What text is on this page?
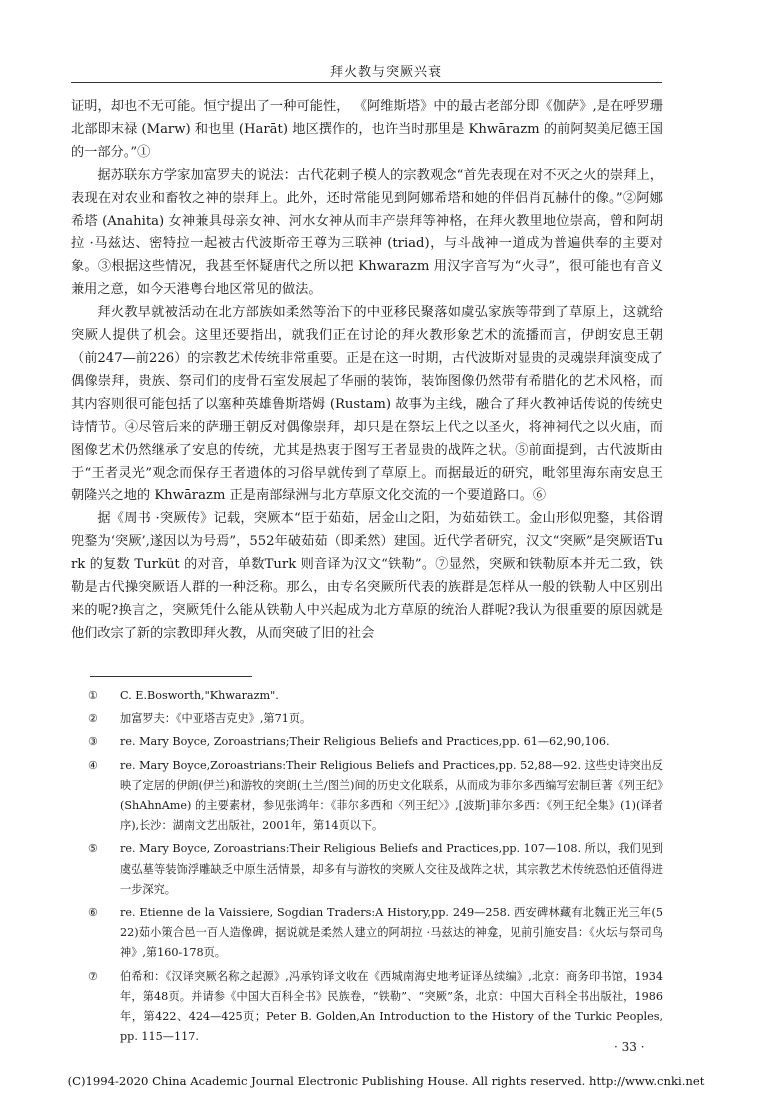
拜火教与突厥兴衰

证明，却也不无可能。恒宁提出了一种可能性， 《阿维斯塔》中的最古老部分即《伽萨》,是在呼罗珊北部即末禄 (Marw) 和也里 (Harāt) 地区撰作的，也许当时那里是 Khwārazm 的前阿契美尼德王国的一部分。”①

据苏联东方学家加富罗夫的说法：古代花剌子模人的宗教观念“首先表现在对不灭之火的崇拜上，表现在对农业和畜牧之神的崇拜上。此外，还时常能见到阿娜希塔和她的伴侣肖瓦赫什的像。”②阿娜希塔 (Anahita) 女神兼具母亲女神、河水女神从而丰产崇拜等神格，在拜火教里地位崇高，曾和阿胡拉 ·马兹达、密特拉一起被古代波斯帝王尊为三联神 (triad)，与斗战神一道成为普遍供奉的主要对象。③根据这些情况，我甚至怀疑唐代之所以把 Khwarazm 用汉字音写为“火寻”，很可能也有音义兼用之意，如今天港粤台地区常见的做法。

拜火教早就被活动在北方部族如柔然等治下的中亚移民聚落如虞弘家族等带到了草原上，这就给突厥人提供了机会。这里还要指出，就我们正在讨论的拜火教形象艺术的流播而言，伊朗安息王朝（前247—前226）的宗教艺术传统非常重要。正是在这一时期，古代波斯对显贵的灵魂崇拜演变成了偶像崇拜，贵族、祭司们的庋骨石室发展起了华丽的装饰，装饰图像仍然带有希腊化的艺术风格，而其内容则很可能包括了以塞种英雄鲁斯塔姆 (Rustam) 故事为主线，融合了拜火教神话传说的传统史诗情节。④尽管后来的萨珊王朝反对偶像崇拜，却只是在祭坛上代之以圣火，将神祠代之以火庙，而图像艺术仍然继承了安息的传统，尤其是热衷于图写王者显贵的战阵之状。⑤前面提到，古代波斯由于“王者灵光”观念而保存王者遗体的习俗早就传到了草原上。而据最近的研究，毗邻里海东南安息王朝隆兴之地的 Khwārazm 正是南部绿洲与北方草原文化交流的一个要道路口。⑥

据《周书 ·突厥传》记载，突厥本“臣于茹茹，居金山之阳，为茹茹铁工。金山形似兜鍪，其俗谓兜鍪为‘突厥’,遂因以为号焉”，552年破茹茹（即柔然）建国。近代学者研究，汉文“突厥”是突厥语Turk 的复数 Turküt 的对音，单数Turk 则音译为汉文“铁勒”。⑦显然，突厥和铁勒原本并无二致，铁勒是古代操突厥语人群的一种泛称。那么，由专名突厥所代表的族群是怎样从一般的铁勒人中区别出来的呢?换言之，突厥凭什么能从铁勒人中兴起成为北方草原的统治人群呢?我认为很重要的原因就是他们改宗了新的宗教即拜火教，从而突破了旧的社会

①	C. E.Bosworth,"Khwarazm".
②	加富罗夫：《中亚塔吉克史》,第71页。
③	re. Mary Boyce, Zoroastrians;Their Religious Beliefs and Practices,pp. 61—62,90,106.
④	re. Mary Boyce,Zoroastrians:Their Religious Beliefs and Practices,pp. 52,88—92. 这些史诗突出反映了定居的伊朗(伊兰)和游牧的突朗(土兰/图兰)间的历史文化联系，从而成为菲尔多西编写宏制巨著《列王纪》(ShAhnAme) 的主要素材，参见张鸿年：《菲尔多西和〈列王纪〉》,[波斯]菲尔多西：《列王纪全集》(1)(译者序),长沙：湖南文艺出版社，2001年，第14页以下。
⑤	re. Mary Boyce, Zoroastrians:Their Religious Beliefs and Practices,pp. 107—108. 所以，我们见到虞弘墓等装饰浮雕缺乏中原生活情景，却多有与游牧的突厥人交往及战阵之状，其宗教艺术传统恐怕还值得进一步深究。
⑥	re. Etienne de la Vaissiere, Sogdian Traders:A History,pp. 249—258. 西安碑林藏有北魏正光三年(522)茹小策合邑一百人造像碑，据说就是柔然人建立的阿胡拉 ·马兹达的神龛，见前引施安昌：《火坛与祭司鸟神》,第160-178页。
⑦	伯希和：《汉译突厥名称之起源》,冯承钧译文收在《西城南海史地考证译丛续编》,北京：商务印书馆，1934年，第48页。并请参《中国大百科全书》民族卷，“铁勒”、“突厥”条，北京：中国大百科全书出版社，1986年，第422、424—425页；Peter B. Golden,An Introduction to the History of the Turkic Peoples, pp. 115—117.
· 33 ·
(C)1994-2020 China Academic Journal Electronic Publishing House. All rights reserved. http://www.cnki.net
